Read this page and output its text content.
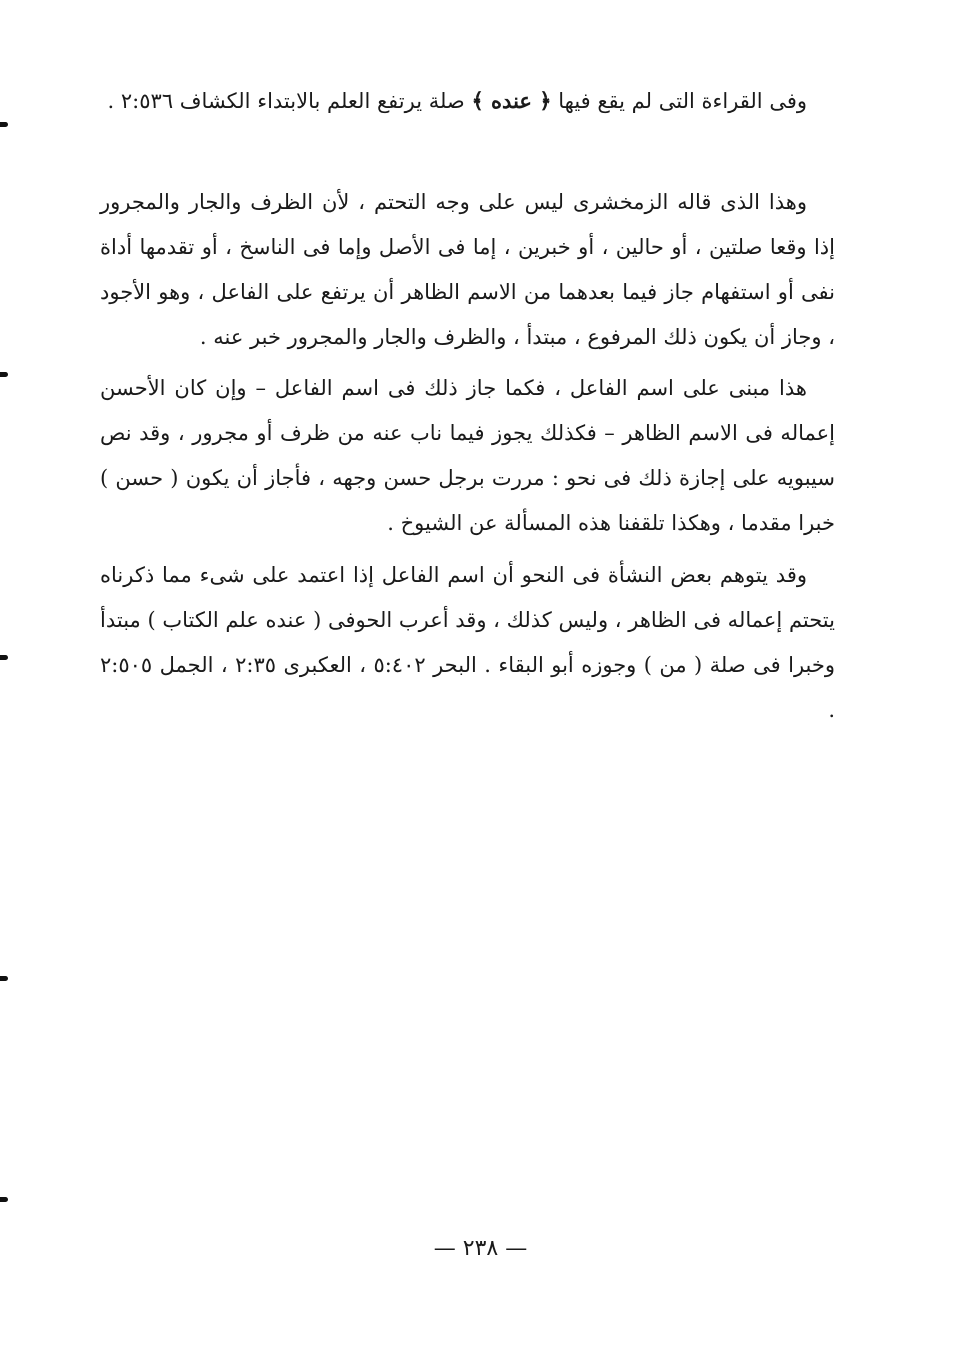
وفى القراءة التى لم يقع فيها ﴿ عنده ﴾ صلة يرتفع العلم بالابتداء الكشاف ٢:٥٣٦ .

وهذا الذى قاله الزمخشرى ليس على وجه التحتم ، لأن الظرف والجار والمجرور إذا وقعا صلتين ، أو حالين ، أو خبرين ، إما فى الأصل وإما فى الناسخ ، أو تقدمها أداة نفى أو استفهام جاز فيما بعدهما من الاسم الظاهر أن يرتفع على الفاعل ، وهو الأجود ، وجاز أن يكون ذلك المرفوع ، مبتدأ ، والظرف والجار والمجرور خبر عنه .

هذا مبنى على اسم الفاعل ، فكما جاز ذلك فى اسم الفاعل – وإن كان الأحسن إعماله فى الاسم الظاهر – فكذلك يجوز فيما ناب عنه من ظرف أو مجرور ، وقد نص سيبويه على إجازة ذلك فى نحو : مررت برجل حسن وجهه ، فأجاز أن يكون ( حسن ) خبرا مقدما ، وهكذا تلقفنا هذه المسألة عن الشيوخ .

وقد يتوهم بعض النشأة فى النحو أن اسم الفاعل إذا اعتمد على شىء مما ذكرناه يتحتم إعماله فى الظاهر ، وليس كذلك ، وقد أعرب الحوفى ( عنده علم الكتاب ) مبتدأ وخبرا فى صلة ( من ) وجوزه أبو البقاء . البحر ٥:٤٠٢ ، العكبرى ٢:٣٥ ، الجمل ٢:٥٠٥ .

— ٢٣٨ —
